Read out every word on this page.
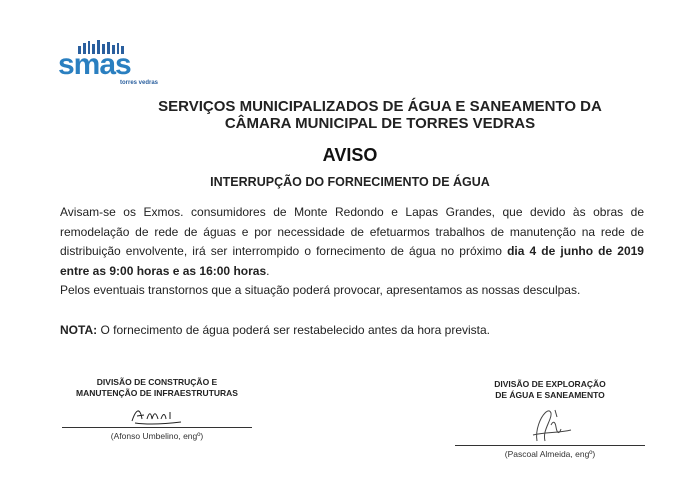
smas
torres vedras
SERVIÇOS MUNICIPALIZADOS DE ÁGUA E SANEAMENTO DA
CÂMARA MUNICIPAL DE TORRES VEDRAS
AVISO
INTERRUPÇÃO DO FORNECIMENTO DE ÁGUA

Avisam-se os Exmos. consumidores de Monte Redondo e Lapas Grandes, que devido às obras de remodelação de rede de águas e por necessidade de efetuarmos trabalhos de manutenção na rede de distribuição envolvente, irá ser interrompido o fornecimento de água no próximo dia 4 de junho de 2019 entre as 9:00 horas e as 16:00 horas.

Pelos eventuais transtornos que a situação poderá provocar, apresentamos as nossas desculpas.

NOTA: O fornecimento de água poderá ser restabelecido antes da hora prevista.
DIVISÃO DE CONSTRUÇÃO E
MANUTENÇÃO DE INFRAESTRUTURAS
(Afonso Umbelino, engº)
DIVISÃO DE EXPLORAÇÃO
DE ÁGUA E SANEAMENTO
(Pascoal Almeida, engº)
